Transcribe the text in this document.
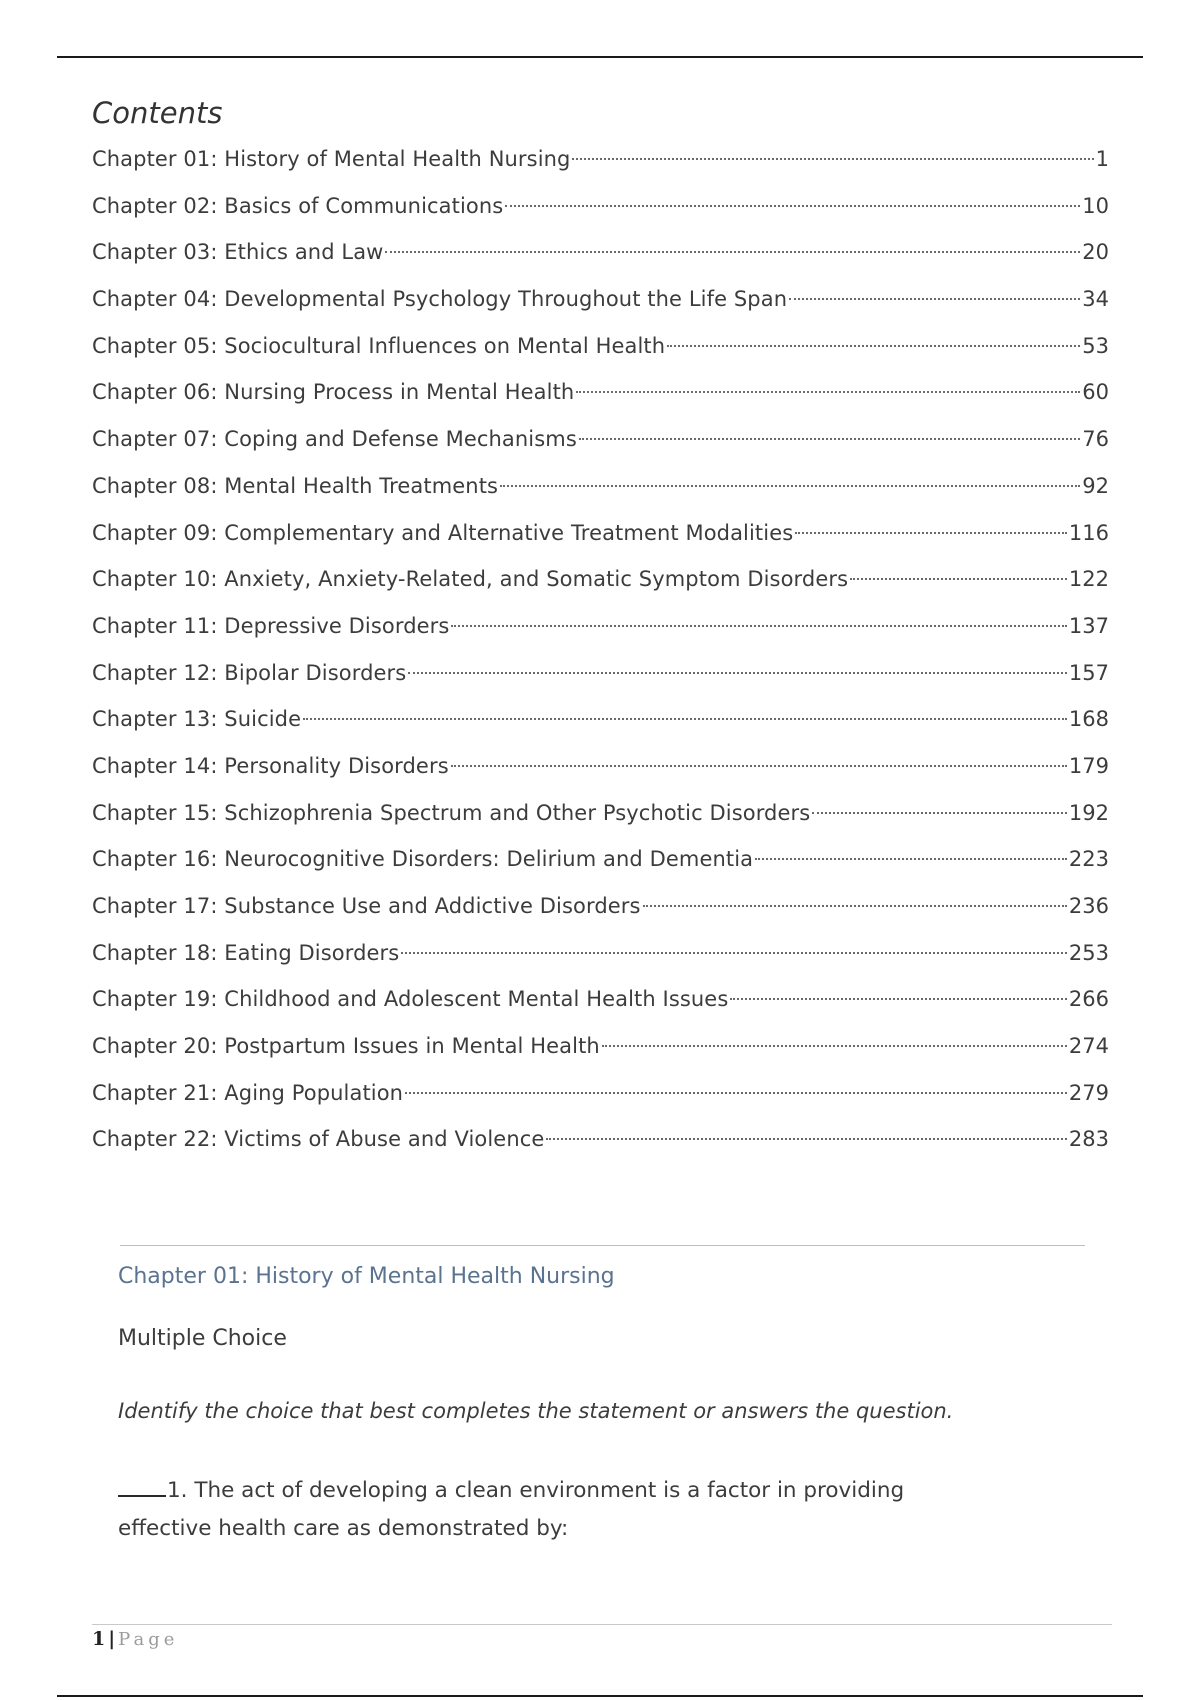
Contents
Chapter 01: History of Mental Health Nursing	1
Chapter 02: Basics of Communications	10
Chapter 03: Ethics and Law	20
Chapter 04: Developmental Psychology Throughout the Life Span	34
Chapter 05: Sociocultural Influences on Mental Health	53
Chapter 06: Nursing Process in Mental Health	60
Chapter 07: Coping and Defense Mechanisms	76
Chapter 08: Mental Health Treatments	92
Chapter 09: Complementary and Alternative Treatment Modalities	116
Chapter 10: Anxiety, Anxiety-Related, and Somatic Symptom Disorders	122
Chapter 11: Depressive Disorders	137
Chapter 12: Bipolar Disorders	157
Chapter 13: Suicide	168
Chapter 14: Personality Disorders	179
Chapter 15: Schizophrenia Spectrum and Other Psychotic Disorders	192
Chapter 16: Neurocognitive Disorders: Delirium and Dementia	223
Chapter 17: Substance Use and Addictive Disorders	236
Chapter 18: Eating Disorders	253
Chapter 19: Childhood and Adolescent Mental Health Issues	266
Chapter 20: Postpartum Issues in Mental Health	274
Chapter 21: Aging Population	279
Chapter 22: Victims of Abuse and Violence	283
Chapter 01: History of Mental Health Nursing

Multiple Choice

Identify the choice that best completes the statement or answers the question.

1. The act of developing a clean environment is a factor in providing effective health care as demonstrated by:

1 | Page
